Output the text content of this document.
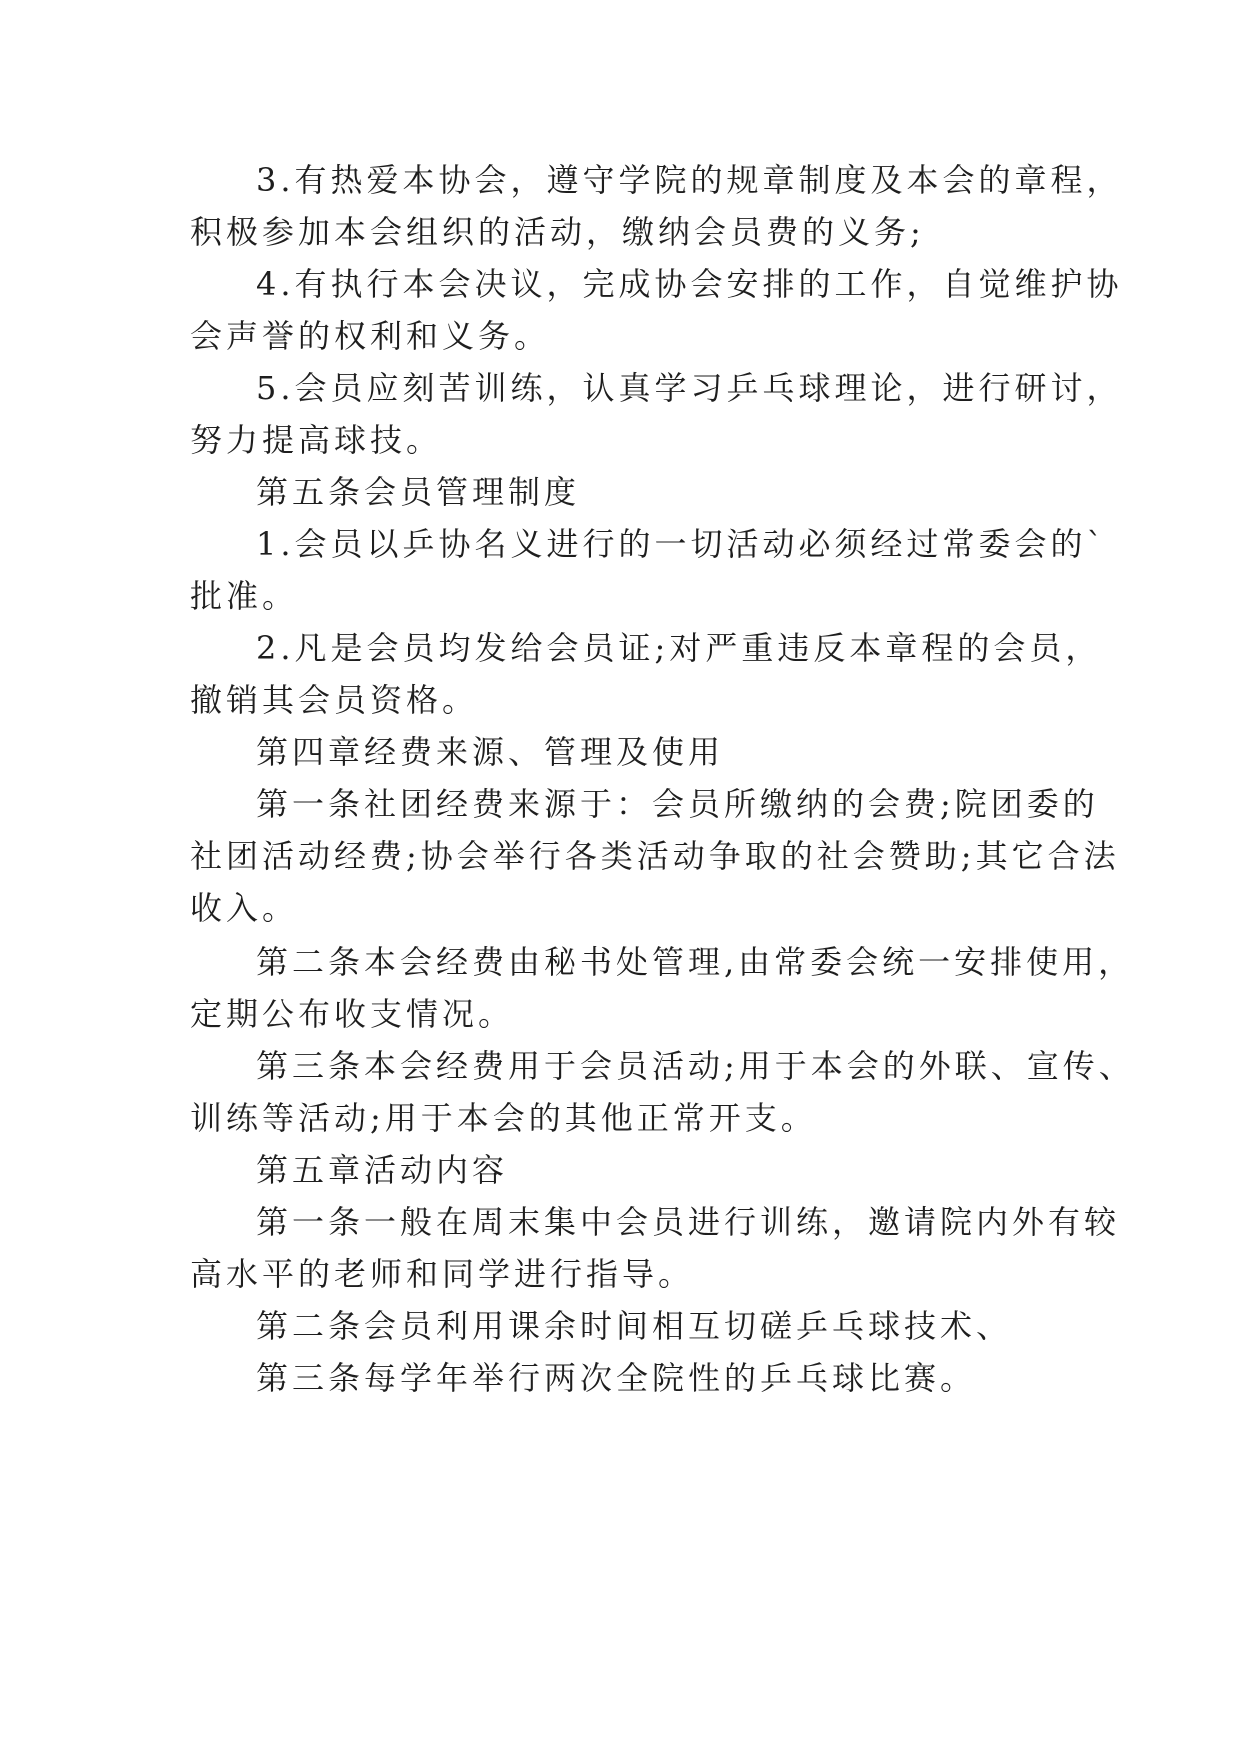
3.有热爱本协会，遵守学院的规章制度及本会的章程，
积极参加本会组织的活动，缴纳会员费的义务;
4.有执行本会决议，完成协会安排的工作，自觉维护协
会声誉的权利和义务。
5.会员应刻苦训练，认真学习乒乓球理论，进行研讨，
努力提高球技。
第五条会员管理制度
1.会员以乒协名义进行的一切活动必须经过常委会的`
批准。
2.凡是会员均发给会员证;对严重违反本章程的会员，
撤销其会员资格。
第四章经费来源、管理及使用
第一条社团经费来源于：会员所缴纳的会费;院团委的
社团活动经费;协会举行各类活动争取的社会赞助;其它合法
收入。
第二条本会经费由秘书处管理,由常委会统一安排使用，
定期公布收支情况。
第三条本会经费用于会员活动;用于本会的外联、宣传、
训练等活动;用于本会的其他正常开支。
第五章活动内容
第一条一般在周末集中会员进行训练，邀请院内外有较
高水平的老师和同学进行指导。
第二条会员利用课余时间相互切磋乒乓球技术、
第三条每学年举行两次全院性的乒乓球比赛。
